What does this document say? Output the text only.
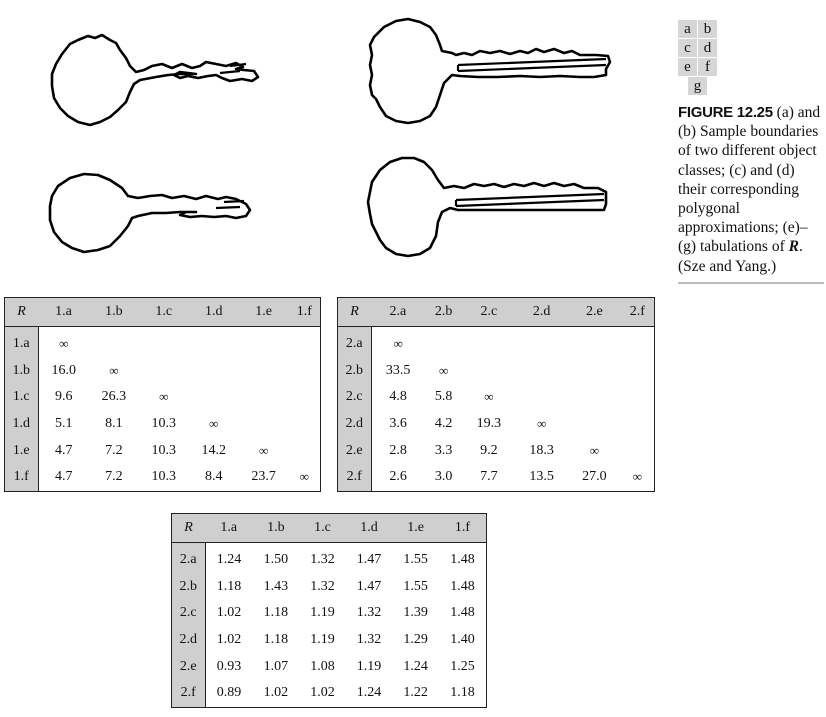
a b
c d
e f
g
FIGURE 12.25 (a) and (b) Sample boundaries of two different object classes; (c) and (d) their corresponding polygonal approximations; (e)–(g) tabulations of R. (Sze and Yang.)
R	1.a	1.b	1.c	1.d	1.e	1.f
1.a	∞					
1.b	16.0	∞				
1.c	9.6	26.3	∞			
1.d	5.1	8.1	10.3	∞		
1.e	4.7	7.2	10.3	14.2	∞	
1.f	4.7	7.2	10.3	8.4	23.7	∞
R	2.a	2.b	2.c	2.d	2.e	2.f
2.a	∞					
2.b	33.5	∞				
2.c	4.8	5.8	∞			
2.d	3.6	4.2	19.3	∞		
2.e	2.8	3.3	9.2	18.3	∞	
2.f	2.6	3.0	7.7	13.5	27.0	∞
R	1.a	1.b	1.c	1.d	1.e	1.f
2.a	1.24	1.50	1.32	1.47	1.55	1.48
2.b	1.18	1.43	1.32	1.47	1.55	1.48
2.c	1.02	1.18	1.19	1.32	1.39	1.48
2.d	1.02	1.18	1.19	1.32	1.29	1.40
2.e	0.93	1.07	1.08	1.19	1.24	1.25
2.f	0.89	1.02	1.02	1.24	1.22	1.18
